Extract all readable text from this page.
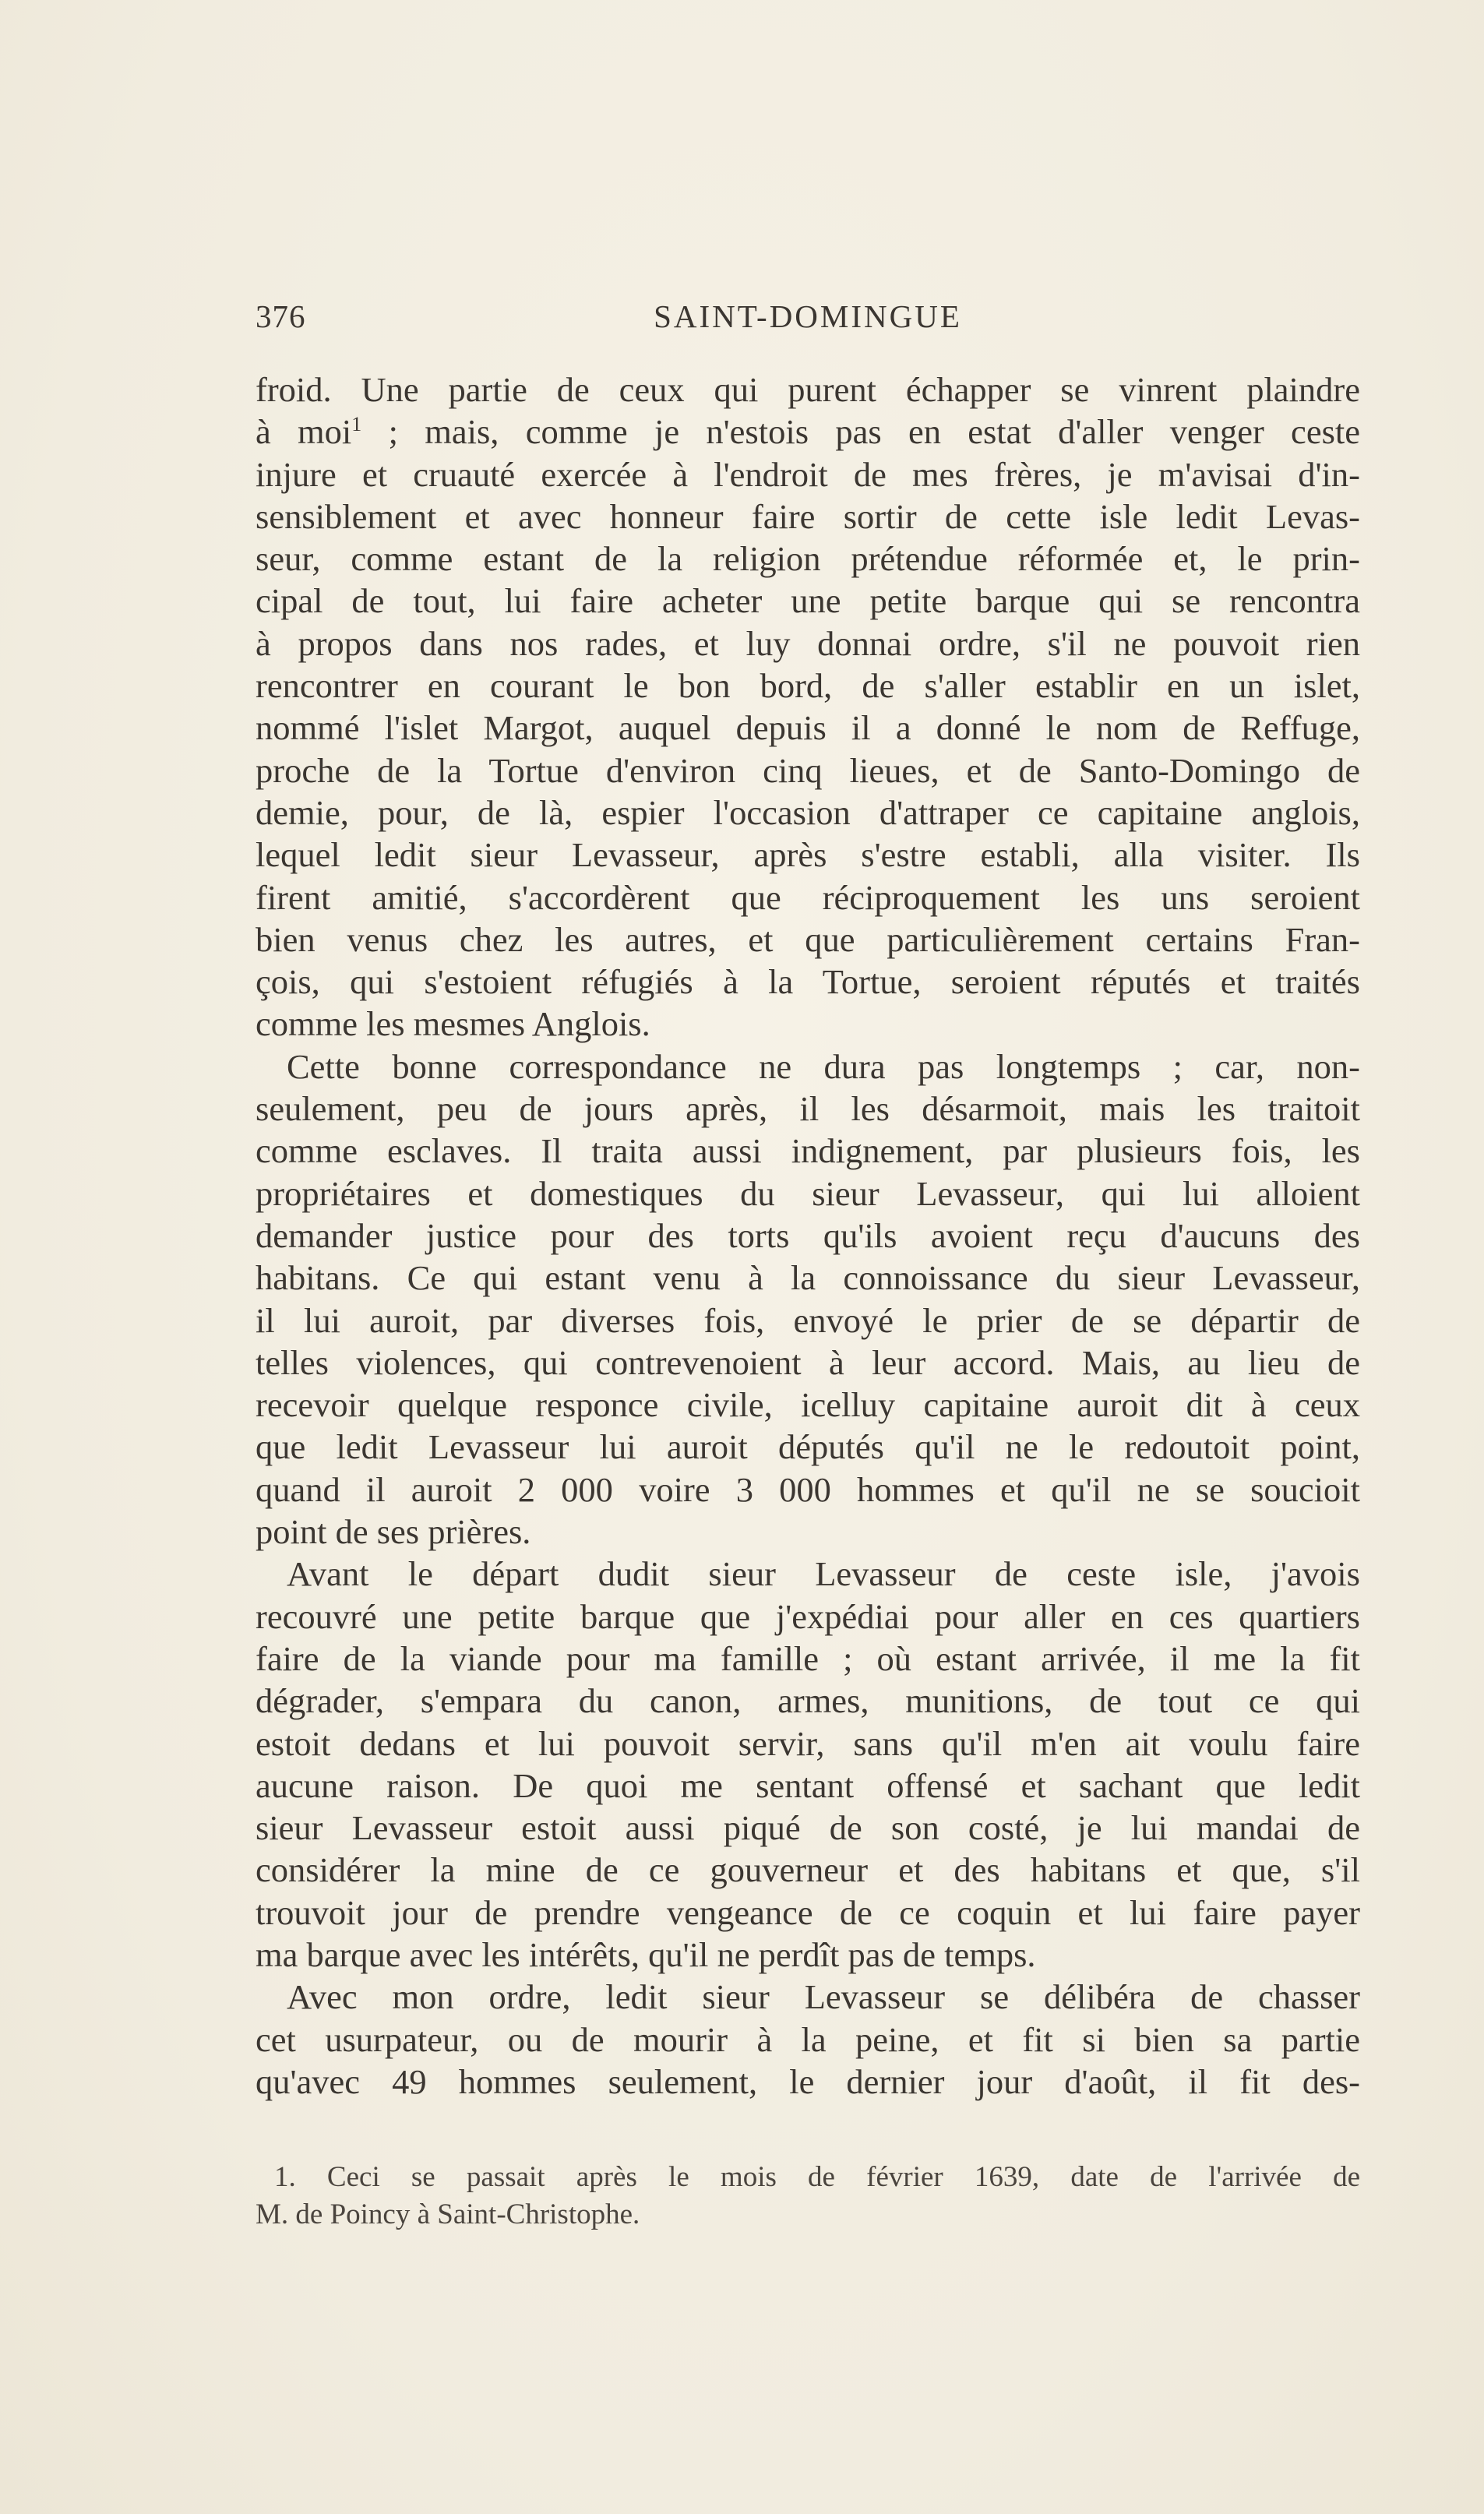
376	SAINT-DOMINGUE
froid. Une partie de ceux qui purent échapper se vinrent plaindre
à moi$^1$ ; mais, comme je n'estois pas en estat d'aller venger ceste
injure et cruauté exercée à l'endroit de mes frères, je m'avisai d'in-
sensiblement et avec honneur faire sortir de cette isle ledit Levas-
seur, comme estant de la religion prétendue réformée et, le prin-
cipal de tout, lui faire acheter une petite barque qui se rencontra
à propos dans nos rades, et luy donnai ordre, s'il ne pouvoit rien
rencontrer en courant le bon bord, de s'aller establir en un islet,
nommé l'islet Margot, auquel depuis il a donné le nom de Reffuge,
proche de la Tortue d'environ cinq lieues, et de Santo-Domingo de
demie, pour, de là, espier l'occasion d'attraper ce capitaine anglois,
lequel ledit sieur Levasseur, après s'estre establi, alla visiter. Ils
firent amitié, s'accordèrent que réciproquement les uns seroient
bien venus chez les autres, et que particulièrement certains Fran-
çois, qui s'estoient réfugiés à la Tortue, seroient réputés et traités
comme les mesmes Anglois.
Cette bonne correspondance ne dura pas longtemps ; car, non-
seulement, peu de jours après, il les désarmoit, mais les traitoit
comme esclaves. Il traita aussi indignement, par plusieurs fois, les
propriétaires et domestiques du sieur Levasseur, qui lui alloient
demander justice pour des torts qu'ils avoient reçu d'aucuns des
habitans. Ce qui estant venu à la connoissance du sieur Levasseur,
il lui auroit, par diverses fois, envoyé le prier de se départir de
telles violences, qui contrevenoient à leur accord. Mais, au lieu de
recevoir quelque responce civile, icelluy capitaine auroit dit à ceux
que ledit Levasseur lui auroit députés qu'il ne le redoutoit point,
quand il auroit 2 000 voire 3 000 hommes et qu'il ne se soucioit
point de ses prières.
Avant le départ dudit sieur Levasseur de ceste isle, j'avois
recouvré une petite barque que j'expédiai pour aller en ces quartiers
faire de la viande pour ma famille ; où estant arrivée, il me la fit
dégrader, s'empara du canon, armes, munitions, de tout ce qui
estoit dedans et lui pouvoit servir, sans qu'il m'en ait voulu faire
aucune raison. De quoi me sentant offensé et sachant que ledit
sieur Levasseur estoit aussi piqué de son costé, je lui mandai de
considérer la mine de ce gouverneur et des habitans et que, s'il
trouvoit jour de prendre vengeance de ce coquin et lui faire payer
ma barque avec les intérêts, qu'il ne perdît pas de temps.
Avec mon ordre, ledit sieur Levasseur se délibéra de chasser
cet usurpateur, ou de mourir à la peine, et fit si bien sa partie
qu'avec 49 hommes seulement, le dernier jour d'août, il fit des-
1. Ceci se passait après le mois de février 1639, date de l'arrivée de
M. de Poincy à Saint-Christophe.
